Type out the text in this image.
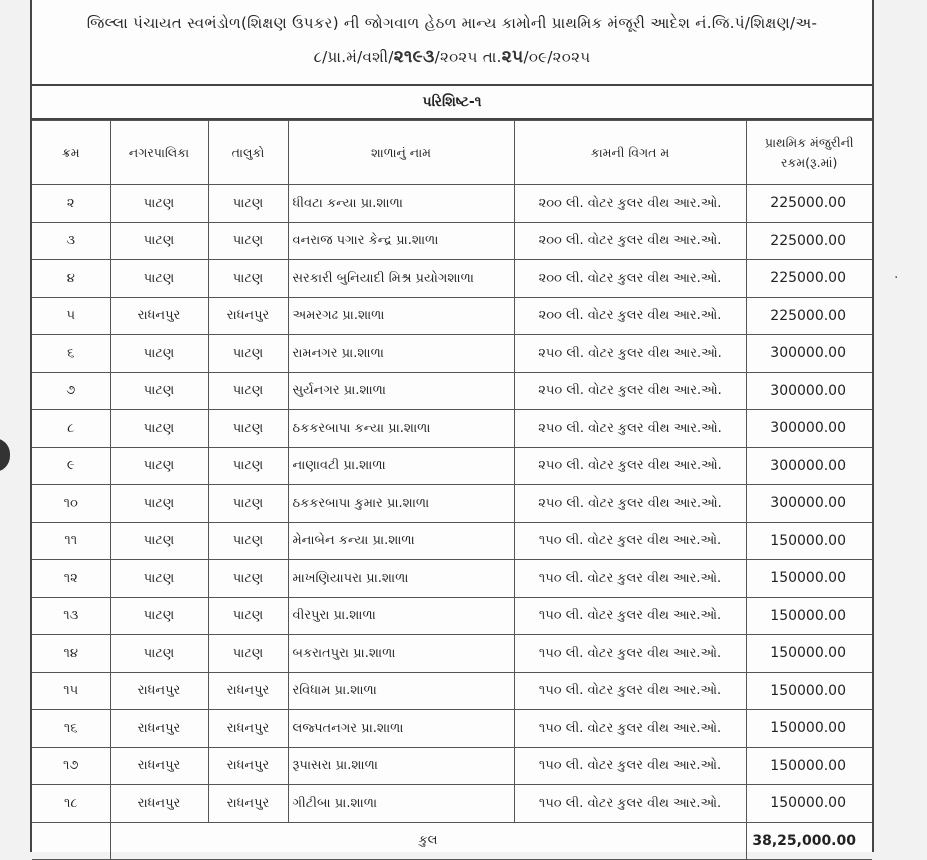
જિલ્લા પંચાયત સ્વભંડોળ(શિક્ષણ ઉપકર) ની જોગવાળ હેઠળ માન્ય કામોની પ્રાથમિક મંજૂરી આદેશ નં.જિ.પં/શિક્ષણ/અ-
૮/પ્રા.મં/વશી/૨૧૯૩/૨૦૨૫ તા.૨૫/૦૯/૨૦૨૫
પરિશિષ્ટ-૧
ક્રમ	નગરપાલિકા	તાલુકો	શાળાનું નામ	કામની વિગત મ	પ્રાથમિક મંજુરીની રકમ(રૂ.માં)
૨	પાટણ	પાટણ	ધીવટા કન્યા પ્રા.શાળા	૨૦૦ લી. વોટર કુલર વીથ આર.ઓ.	225000.00
૩	પાટણ	પાટણ	વનરાજ પગાર કેન્દ્ર પ્રા.શાળા	૨૦૦ લી. વોટર કુલર વીથ આર.ઓ.	225000.00
૪	પાટણ	પાટણ	સરકારી બુનિયાદી મિશ્ર પ્રયોગશાળા	૨૦૦ લી. વોટર કુલર વીથ આર.ઓ.	225000.00
૫	રાધનપુર	રાધનપુર	અમરગઢ પ્રા.શાળા	૨૦૦ લી. વોટર કુલર વીથ આર.ઓ.	225000.00
૬	પાટણ	પાટણ	રામનગર પ્રા.શાળા	૨૫૦ લી. વોટર કુલર વીથ આર.ઓ.	300000.00
૭	પાટણ	પાટણ	સુર્યનગર પ્રા.શાળા	૨૫૦ લી. વોટર કુલર વીથ આર.ઓ.	300000.00
૮	પાટણ	પાટણ	ઠકકરબાપા કન્યા પ્રા.શાળા	૨૫૦ લી. વોટર કુલર વીથ આર.ઓ.	300000.00
૯	પાટણ	પાટણ	નાણાવટી પ્રા.શાળા	૨૫૦ લી. વોટર કુલર વીથ આર.ઓ.	300000.00
૧૦	પાટણ	પાટણ	ઠકકરબાપા કુમાર પ્રા.શાળા	૨૫૦ લી. વોટર કુલર વીથ આર.ઓ.	300000.00
૧૧	પાટણ	પાટણ	મેનાબેન કન્યા પ્રા.શાળા	૧૫૦ લી. વોટર કુલર વીથ આર.ઓ.	150000.00
૧૨	પાટણ	પાટણ	માખણિયાપરા પ્રા.શાળા	૧૫૦ લી. વોટર કુલર વીથ આર.ઓ.	150000.00
૧૩	પાટણ	પાટણ	વીરપુરા પ્રા.શાળા	૧૫૦ લી. વોટર કુલર વીથ આર.ઓ.	150000.00
૧૪	પાટણ	પાટણ	બકરાતપુરા પ્રા.શાળા	૧૫૦ લી. વોટર કુલર વીથ આર.ઓ.	150000.00
૧૫	રાધનપુર	રાધનપુર	રવિધામ પ્રા.શાળા	૧૫૦ લી. વોટર કુલર વીથ આર.ઓ.	150000.00
૧૬	રાધનપુર	રાધનપુર	લજ્પતનગર પ્રા.શાળા	૧૫૦ લી. વોટર કુલર વીથ આર.ઓ.	150000.00
૧૭	રાધનપુર	રાધનપુર	રૂપાસરા પ્રા.શાળા	૧૫૦ લી. વોટર કુલર વીથ આર.ઓ.	150000.00
૧૮	રાધનપુર	રાધનપુર	ગીટીબા પ્રા.શાળા	૧૫૦ લી. વોટર કુલર વીથ આર.ઓ.	150000.00
	કુલ				38,25,000.00
.
